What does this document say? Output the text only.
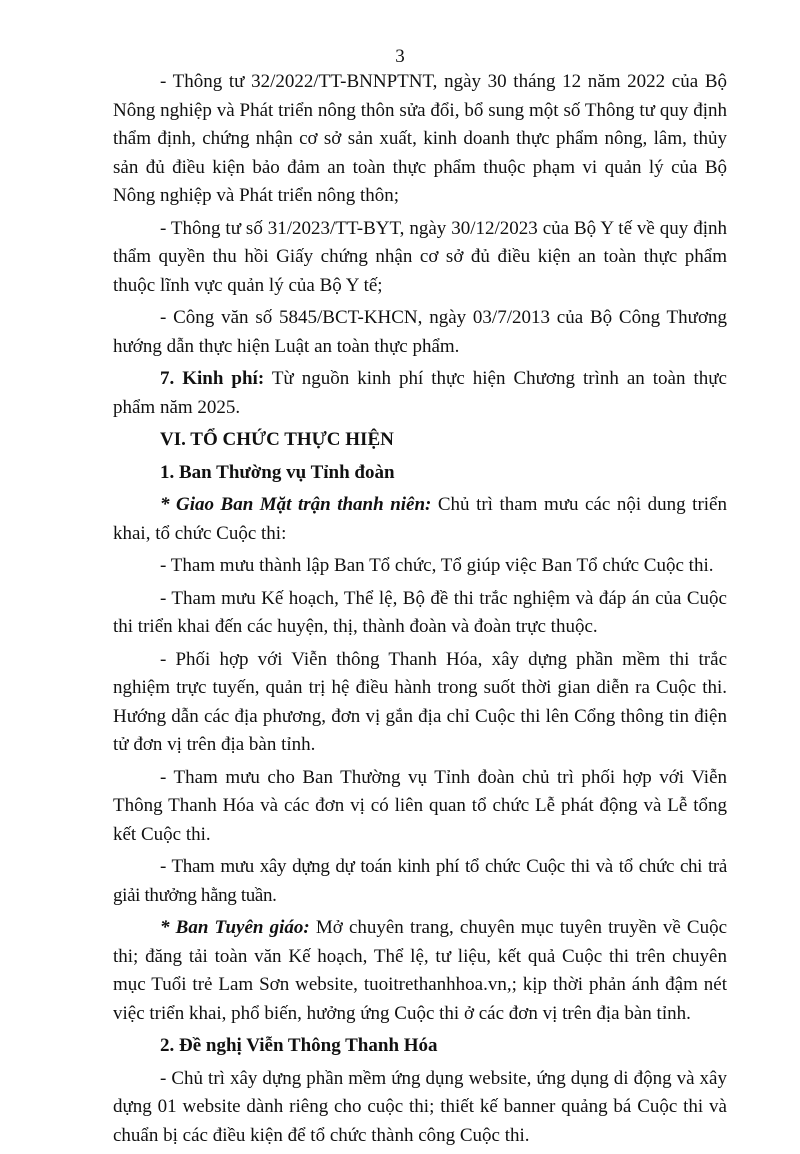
3

- Thông tư 32/2022/TT-BNNPTNT, ngày 30 tháng 12 năm 2022 của Bộ Nông nghiệp và Phát triển nông thôn sửa đổi, bổ sung một số Thông tư quy định thẩm định, chứng nhận cơ sở sản xuất, kinh doanh thực phẩm nông, lâm, thủy sản đủ điều kiện bảo đảm an toàn thực phẩm thuộc phạm vi quản lý của Bộ Nông nghiệp và Phát triển nông thôn;

- Thông tư số 31/2023/TT-BYT, ngày 30/12/2023 của Bộ Y tế về quy định thẩm quyền thu hồi Giấy chứng nhận cơ sở đủ điều kiện an toàn thực phẩm thuộc lĩnh vực quản lý của Bộ Y tế;

- Công văn số 5845/BCT-KHCN, ngày 03/7/2013 của Bộ Công Thương hướng dẫn thực hiện Luật an toàn thực phẩm.

7. Kinh phí: Từ nguồn kinh phí thực hiện Chương trình an toàn thực phẩm năm 2025.

VI. TỔ CHỨC THỰC HIỆN

1. Ban Thường vụ Tỉnh đoàn

* Giao Ban Mặt trận thanh niên: Chủ trì tham mưu các nội dung triển khai, tổ chức Cuộc thi:

- Tham mưu thành lập Ban Tổ chức, Tổ giúp việc Ban Tổ chức Cuộc thi.

- Tham mưu Kế hoạch, Thể lệ, Bộ đề thi trắc nghiệm và đáp án của Cuộc thi triển khai đến các huyện, thị, thành đoàn và đoàn trực thuộc.

- Phối hợp với Viễn thông Thanh Hóa, xây dựng phần mềm thi trắc nghiệm trực tuyến, quản trị hệ điều hành trong suốt thời gian diễn ra Cuộc thi. Hướng dẫn các địa phương, đơn vị gắn địa chỉ Cuộc thi lên Cổng thông tin điện tử đơn vị trên địa bàn tỉnh.

- Tham mưu cho Ban Thường vụ Tỉnh đoàn chủ trì phối hợp với Viễn Thông Thanh Hóa và các đơn vị có liên quan tổ chức Lễ phát động và Lễ tổng kết Cuộc thi.

- Tham mưu xây dựng dự toán kinh phí tổ chức Cuộc thi và tổ chức chi trả giải thưởng hằng tuần.

* Ban Tuyên giáo: Mở chuyên trang, chuyên mục tuyên truyền về Cuộc thi; đăng tải toàn văn Kế hoạch, Thể lệ, tư liệu, kết quả Cuộc thi trên chuyên mục Tuổi trẻ Lam Sơn website, tuoitrethanhhoa.vn,; kịp thời phản ánh đậm nét việc triển khai, phổ biến, hưởng ứng Cuộc thi ở các đơn vị trên địa bàn tỉnh.

2. Đề nghị Viễn Thông Thanh Hóa

- Chủ trì xây dựng phần mềm ứng dụng website, ứng dụng di động và xây dựng 01 website dành riêng cho cuộc thi; thiết kế banner quảng bá Cuộc thi và chuẩn bị các điều kiện để tổ chức thành công Cuộc thi.
